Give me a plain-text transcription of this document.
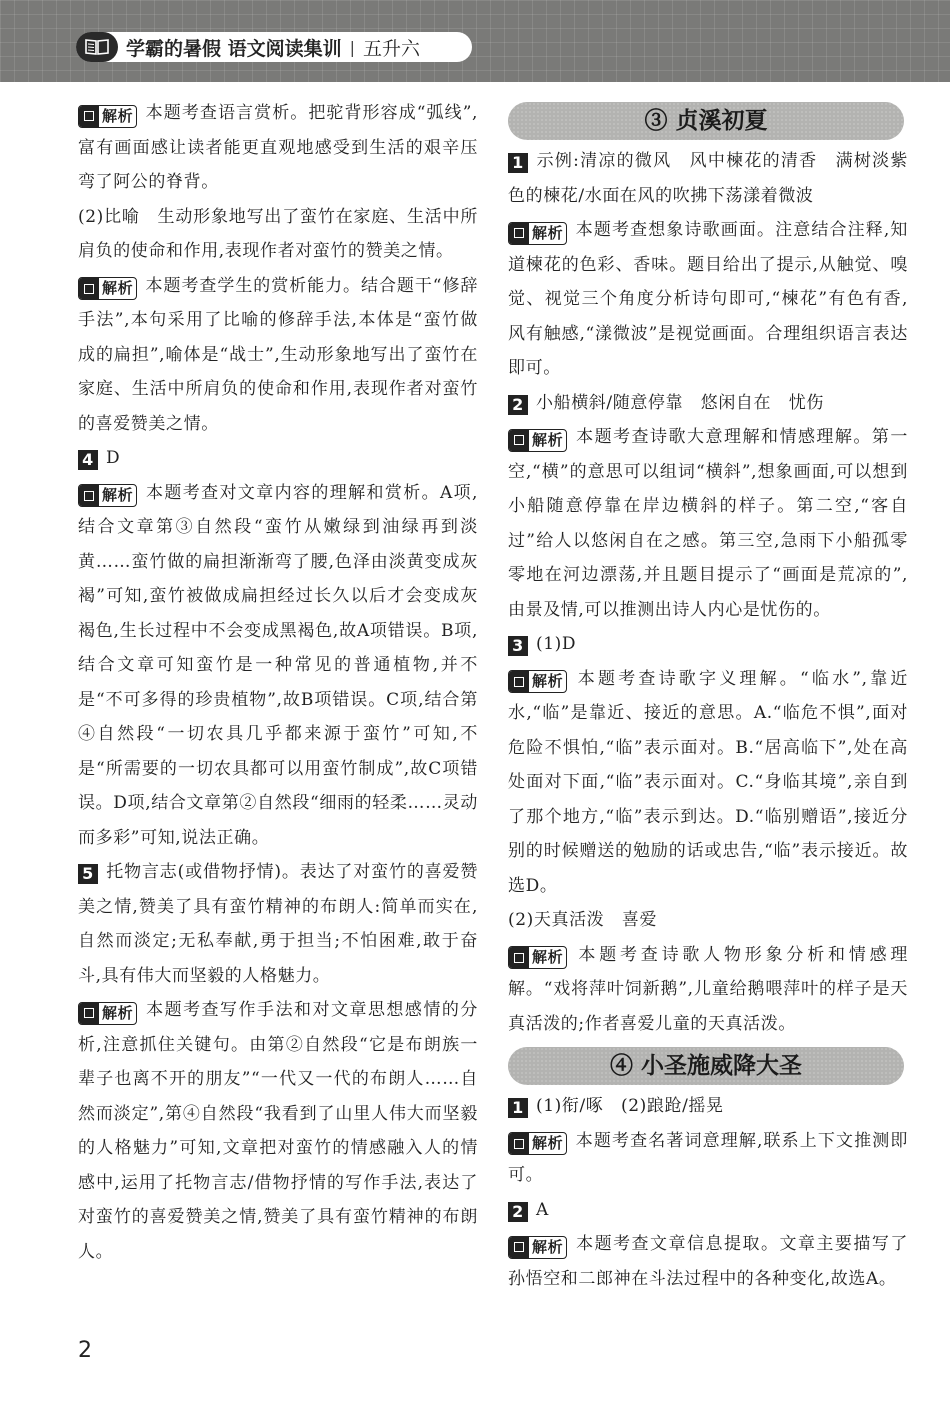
学霸的暑假 语文阅读集训 | 五升六

解析 本题考查语言赏析。把驼背形容成“弧线”,富有画面感让读者能更直观地感受到生活的艰辛压弯了阿公的脊背。

(2)比喻　生动形象地写出了蛮竹在家庭、生活中所肩负的使命和作用,表现作者对蛮竹的赞美之情。

解析 本题考查学生的赏析能力。结合题干“修辞手法”,本句采用了比喻的修辞手法,本体是“蛮竹做成的扁担”,喻体是“战士”,生动形象地写出了蛮竹在家庭、生活中所肩负的使命和作用,表现作者对蛮竹的喜爱赞美之情。

4 D

解析 本题考查对文章内容的理解和赏析。A项,结合文章第③自然段“蛮竹从嫩绿到油绿再到淡黄……蛮竹做的扁担渐渐弯了腰,色泽由淡黄变成灰褐”可知,蛮竹被做成扁担经过长久以后才会变成灰褐色,生长过程中不会变成黑褐色,故A项错误。B项,结合文章可知蛮竹是一种常见的普通植物,并不是“不可多得的珍贵植物”,故B项错误。C项,结合第④自然段“一切农具几乎都来源于蛮竹”可知,不是“所需要的一切农具都可以用蛮竹制成”,故C项错误。D项,结合文章第②自然段“细雨的轻柔……灵动而多彩”可知,说法正确。

5 托物言志(或借物抒情)。表达了对蛮竹的喜爱赞美之情,赞美了具有蛮竹精神的布朗人:简单而实在,自然而淡定;无私奉献,勇于担当;不怕困难,敢于奋斗,具有伟大而坚毅的人格魅力。

解析 本题考查写作手法和对文章思想感情的分析,注意抓住关键句。由第②自然段“它是布朗族一辈子也离不开的朋友”“一代又一代的布朗人……自然而淡定”,第④自然段“我看到了山里人伟大而坚毅的人格魅力”可知,文章把对蛮竹的情感融入人的情感中,运用了托物言志/借物抒情的写作手法,表达了对蛮竹的喜爱赞美之情,赞美了具有蛮竹精神的布朗人。

③ 贞溪初夏

1 示例:清凉的微风　风中楝花的清香　满树淡紫色的楝花/水面在风的吹拂下荡漾着微波

解析 本题考查想象诗歌画面。注意结合注释,知道楝花的色彩、香味。题目给出了提示,从触觉、嗅觉、视觉三个角度分析诗句即可,“楝花”有色有香,风有触感,“漾微波”是视觉画面。合理组织语言表达即可。

2 小船横斜/随意停靠　悠闲自在　忧伤

解析 本题考查诗歌大意理解和情感理解。第一空,“横”的意思可以组词“横斜”,想象画面,可以想到小船随意停靠在岸边横斜的样子。第二空,“客自过”给人以悠闲自在之感。第三空,急雨下小船孤零零地在河边漂荡,并且题目提示了“画面是荒凉的”,由景及情,可以推测出诗人内心是忧伤的。

3 (1)D

解析 本题考查诗歌字义理解。“临水”,靠近水,“临”是靠近、接近的意思。A.“临危不惧”,面对危险不惧怕,“临”表示面对。B.“居高临下”,处在高处面对下面,“临”表示面对。C.“身临其境”,亲自到了那个地方,“临”表示到达。D.“临别赠语”,接近分别的时候赠送的勉励的话或忠告,“临”表示接近。故选D。

(2)天真活泼　喜爱

解析 本题考查诗歌人物形象分析和情感理解。“戏将萍叶饲新鹅”,儿童给鹅喂萍叶的样子是天真活泼的;作者喜爱儿童的天真活泼。

④ 小圣施威降大圣

1 (1)衔/啄　(2)踉跄/摇晃

解析 本题考查名著词意理解,联系上下文推测即可。

2 A

解析 本题考查文章信息提取。文章主要描写了孙悟空和二郎神在斗法过程中的各种变化,故选A。

2
